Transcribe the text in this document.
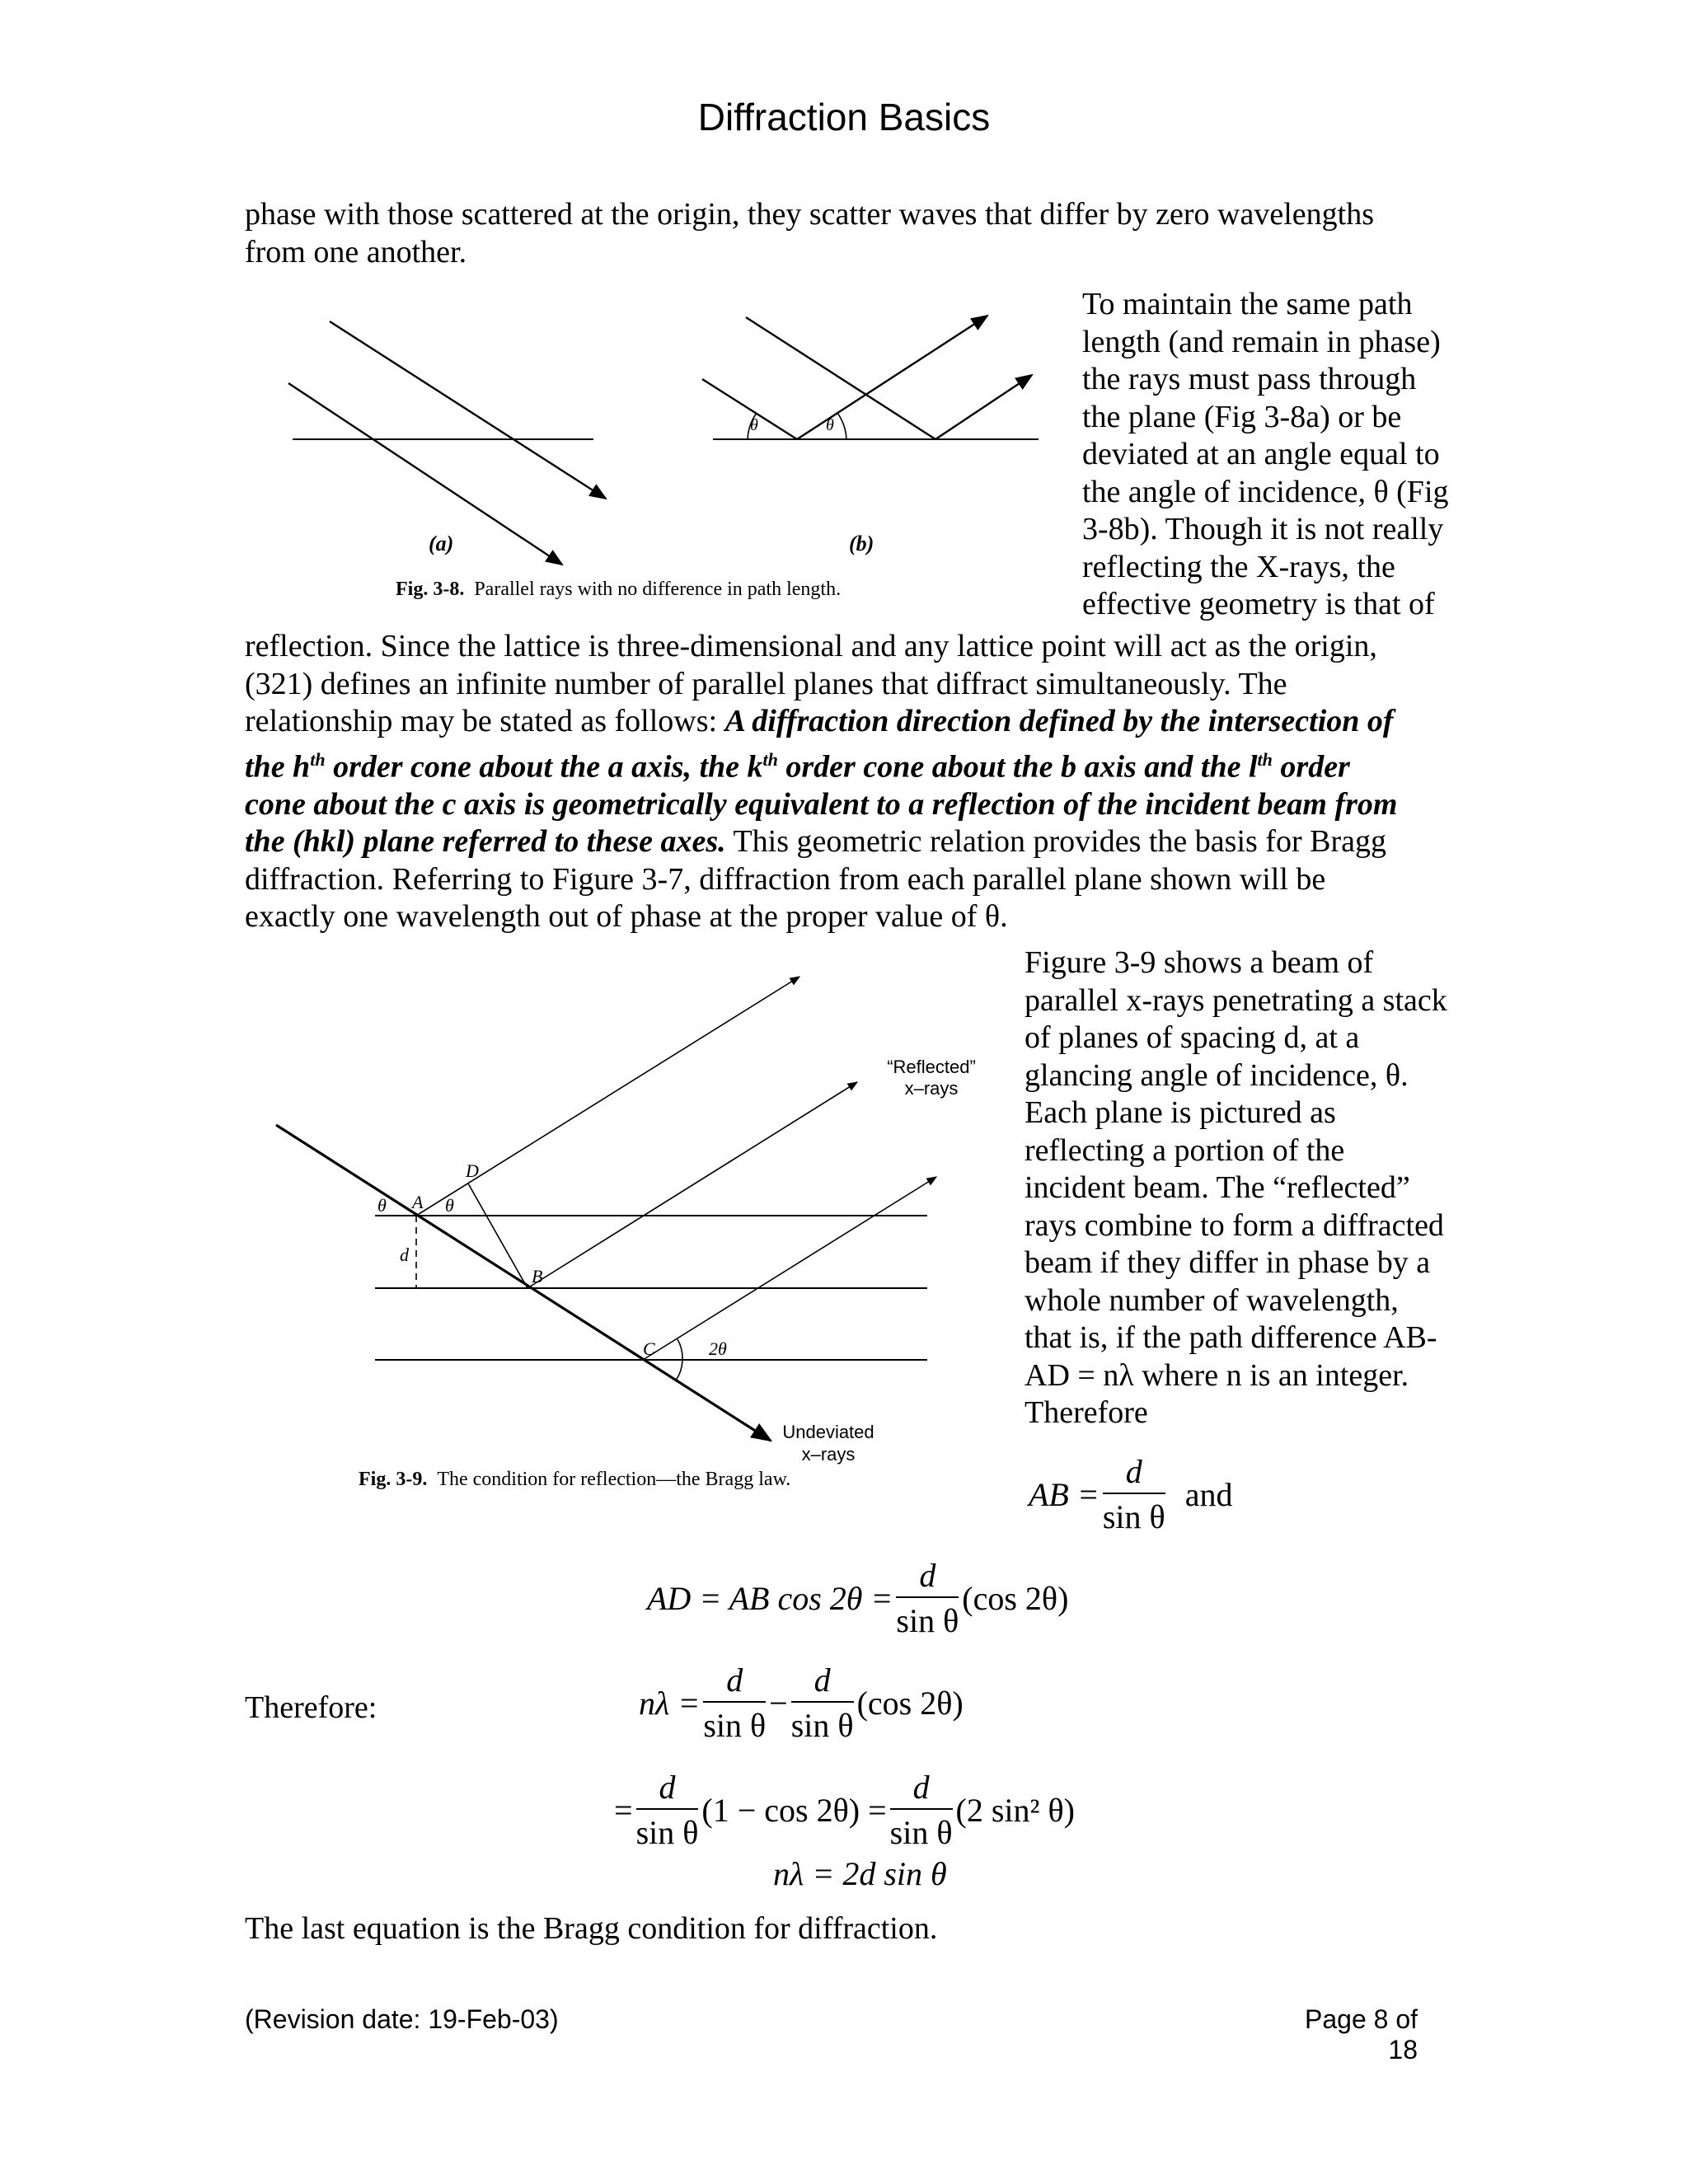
Diffraction Basics

phase with those scattered at the origin, they scatter waves that differ by zero wavelengths

from one another.

To maintain the same path

length (and remain in phase)

the rays must pass through

the plane (Fig 3-8a) or be

deviated at an angle equal to

the angle of incidence, θ (Fig

3-8b). Though it is not really

reflecting the X-rays, the

effective geometry is that of

(a)
θ	θ
(b)
Fig. 3-8. Parallel rays with no difference in path length.

reflection. Since the lattice is three-dimensional and any lattice point will act as the origin,

(321) defines an infinite number of parallel planes that diffract simultaneously. The

relationship may be stated as follows: A diffraction direction defined by the intersection of

the $h^{th}$ order cone about the a axis, the $k^{th}$ order cone about the b axis and the $l^{th}$ order

cone about the c axis is geometrically equivalent to a reflection of the incident beam from

the (hkl) plane referred to these axes. This geometric relation provides the basis for Bragg

diffraction. Referring to Figure 3-7, diffraction from each parallel plane shown will be

exactly one wavelength out of phase at the proper value of θ.

Figure 3-9 shows a beam of

parallel x-rays penetrating a stack

of planes of spacing d, at a

glancing angle of incidence, θ.

Each plane is pictured as

reflecting a portion of the

incident beam. The “reflected”

rays combine to form a diffracted

beam if they differ in phase by a

whole number of wavelength,

that is, if the path difference AB-

AD = nλ where n is an integer.

Therefore

A
D
B
C
θ	θ
d
2θ
“Reflected”
x–rays
Undeviated
x–rays
Fig. 3-9. The condition for reflection—the Bragg law.	AB = $\frac{d}{\text{sin θ}}$ and
AD = AB $\cos 2\theta = \frac{d}{\text{sin θ}} (\cos$ 2θ)
Therefore:	$n\lambda = \frac{d}{\text{sin θ}} - \frac{d}{\text{sin θ}} (\cos$ 2θ)
= $\frac{d}{\text{sin θ}} (1 - \cos 2\theta) = \frac{d}{\text{sin θ}} (2$ sin² θ)
nλ = 2d sin θ
The last equation is the Bragg condition for diffraction.
(Revision date: 19-Feb-03)	Page 8 of 18
